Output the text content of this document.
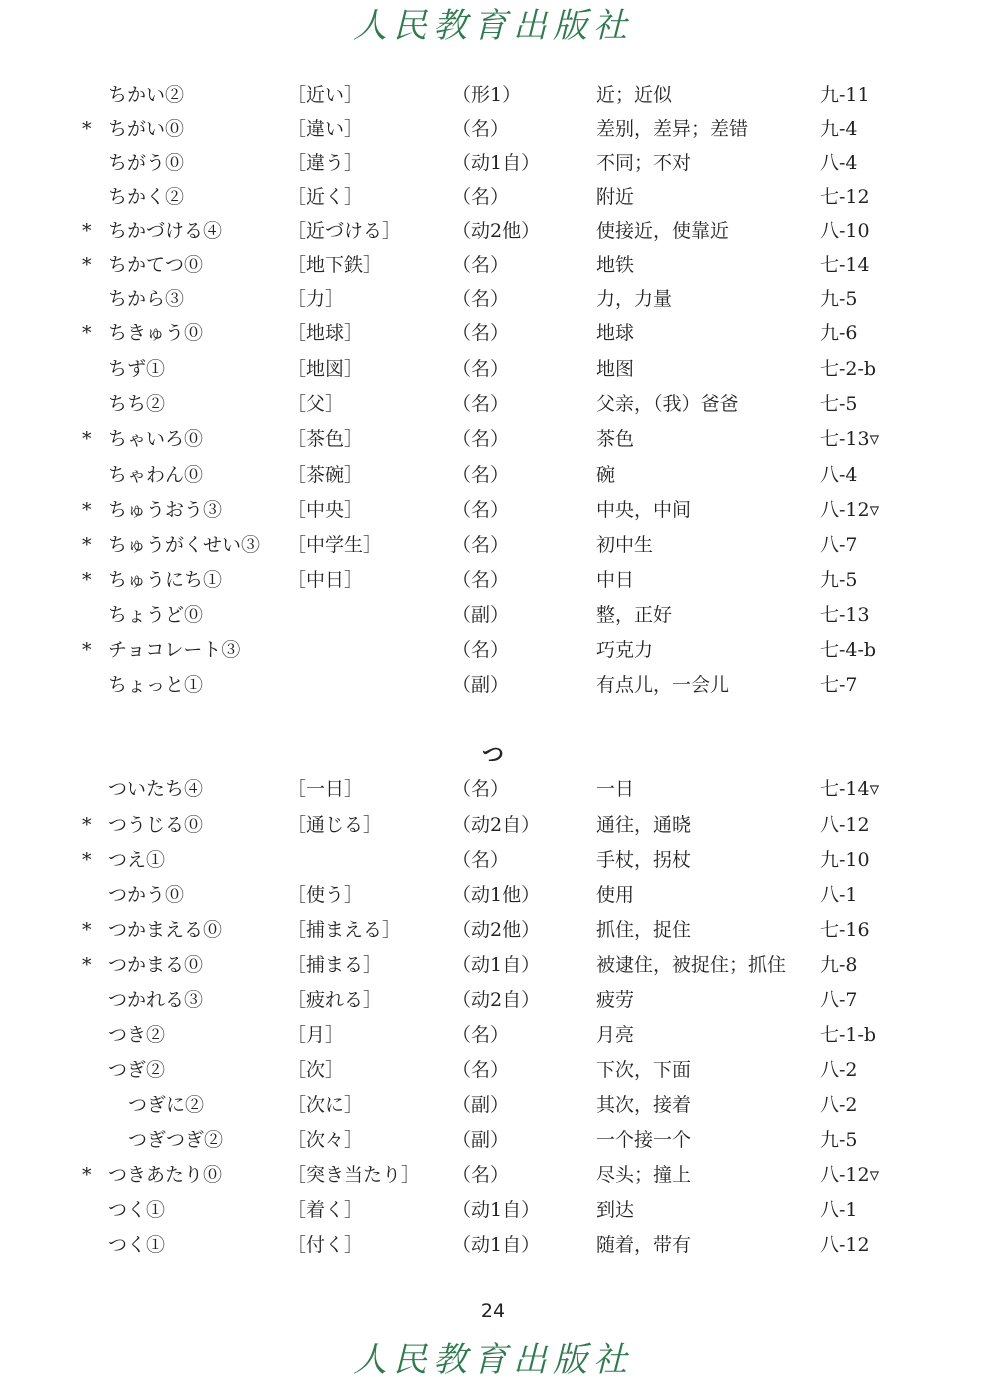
人民教育出版社
ちかい②	［近い］	（形1）	近；近似	九-11
* ちがい⓪	［違い］	（名）	差别，差异；差错	九-4
ちがう⓪	［違う］	（动1自）	不同；不对	八-4
ちかく②	［近く］	（名）	附近	七-12
* ちかづける④	［近づける］	（动2他）	使接近，使靠近	八-10
* ちかてつ⓪	［地下鉄］	（名）	地铁	七-14
ちから③	［力］	（名）	力，力量	九-5
* ちきゅう⓪	［地球］	（名）	地球	九-6
ちず①	［地図］	（名）	地图	七-2-b
ちち②	［父］	（名）	父亲，（我）爸爸	七-5
* ちゃいろ⓪	［茶色］	（名）	茶色	七-13▿
ちゃわん⓪	［茶碗］	（名）	碗	八-4
* ちゅうおう③	［中央］	（名）	中央，中间	八-12▿
* ちゅうがくせい③ ［中学生］	（名）	初中生	八-7
* ちゅうにち①	［中日］	（名）	中日	九-5
ちょうど⓪	（副）	整，正好	七-13
* チョコレート③	（名）	巧克力	七-4-b
ちょっと①	（副）	有点儿，一会儿	七-7
ついたち④	［一日］	（名）	一日	七-14▿
* つうじる⓪	［通じる］	（动2自）	通往，通晓	八-12
* つえ①	（名）	手杖，拐杖	九-10
つかう⓪	［使う］	（动1他）	使用	八-1
* つかまえる⓪	［捕まえる］	（动2他）	抓住，捉住	七-16
* つかまる⓪	［捕まる］	（动1自）	被逮住，被捉住；抓住 九-8
つかれる③	［疲れる］	（动2自）	疲劳	八-7
つき②	［月］	（名）	月亮	七-1-b
つぎ②	［次］	（名）	下次，下面	八-2
つぎに②	［次に］	（副）	其次，接着	八-2
つぎつぎ②	［次々］	（副）	一个接一个	九-5
* つきあたり⓪	［突き当たり］ （名）	尽头；撞上	八-12▿
つく①	［着く］	（动1自）	到达	八-1
つく①	［付く］	（动1自）	随着，带有	八-12
つ
24
人民教育出版社
